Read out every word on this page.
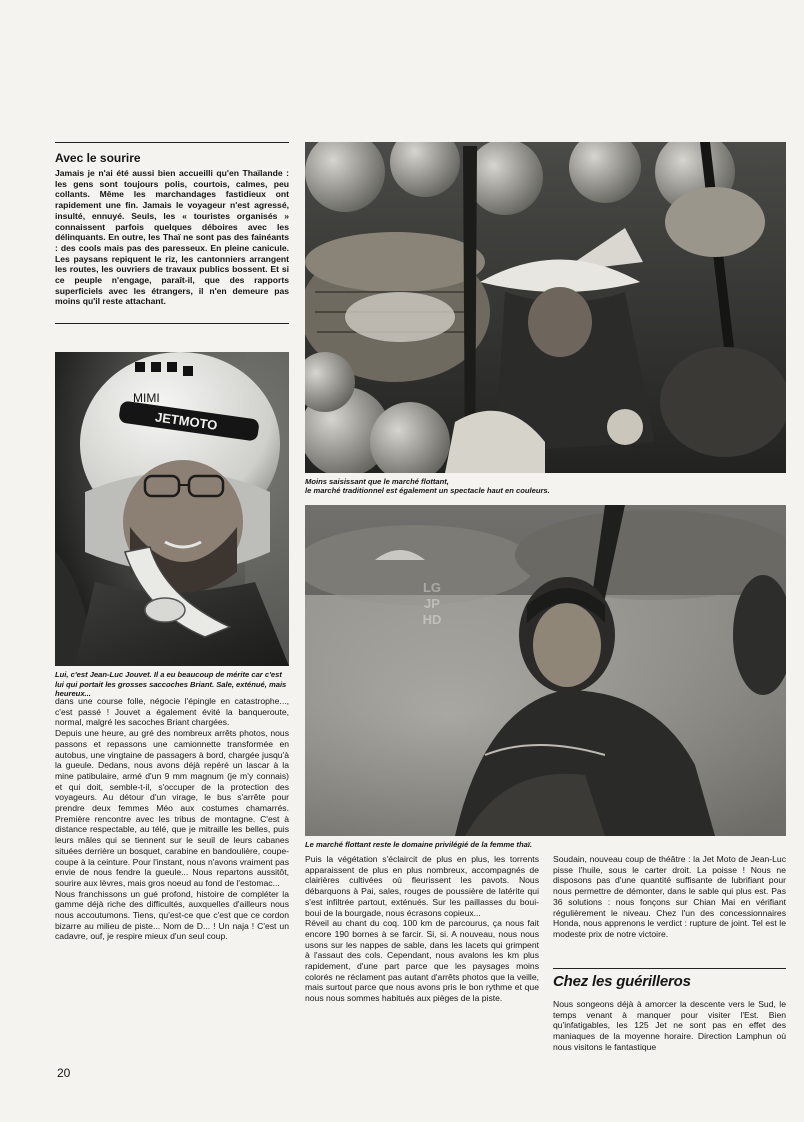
Avec le sourire

Jamais je n'ai été aussi bien accueilli qu'en Thaïlande : les gens sont toujours polis, courtois, calmes, peu collants. Même les marchandages fastidieux ont rapidement une fin. Jamais le voyageur n'est agressé, insulté, ennuyé. Seuls, les « touristes organisés » connaissent parfois quelques déboires avec les délinquants. En outre, les Thaï ne sont pas des fainéants : des cools mais pas des paresseux. En pleine canicule. Les paysans repiquent le riz, les cantonniers arrangent les routes, les ouvriers de travaux publics bossent. Et si ce peuple n'engage, paraît-il, que des rapports superficiels avec les étrangers, il n'en demeure pas moins qu'il reste attachant.

JETMOTO
MIMI

Lui, c'est Jean-Luc Jouvet. Il a eu beaucoup de mérite car c'est lui qui portait les grosses saccoches Briant. Sale, exténué, mais heureux...

Moins saisissant que le marché flottant,

le marché traditionnel est également un spectacle haut en couleurs.

Le marché flottant reste le domaine privilégié de la femme thaï.

LG
JP
HD

dans une course folle, négocie l'épingle en catastrophe..., c'est passé ! Jouvet a également évité la banqueroute, normal, malgré les sacoches Briant chargées.
Depuis une heure, au gré des nombreux arrêts photos, nous passons et repassons une camionnette transformée en autobus, une vingtaine de passagers à bord, chargée jusqu'à la gueule. Dedans, nous avons déjà repéré un lascar à la mine patibulaire, armé d'un 9 mm magnum (je m'y connais) et qui doit, semble-t-il, s'occuper de la protection des voyageurs. Au détour d'un virage, le bus s'arrête pour prendre deux femmes Méo aux costumes chamarrés. Première rencontre avec les tribus de montagne. C'est à distance respectable, au télé, que je mitraille les belles, puis leurs mâles qui se tiennent sur le seuil de leurs cabanes situées derrière un bosquet, carabine en bandoulière, coupe-coupe à la ceinture. Pour l'instant, nous n'avons vraiment pas envie de nous fendre la gueule... Nous repartons aussitôt, sourire aux lèvres, mais gros noeud au fond de l'estomac...
Nous franchissons un gué profond, histoire de compléter la gamme déjà riche des difficultés, auxquelles d'ailleurs nous nous accoutumons. Tiens, qu'est-ce que c'est que ce cordon bizarre au milieu de piste... Nom de D... ! Un naja ! C'est un cadavre, ouf, je respire mieux d'un seul coup.

Puis la végétation s'éclaircit de plus en plus, les torrents apparaissent de plus en plus nombreux, accompagnés de clairières cultivées où fleurissent les pavots. Nous débarquons à Pai, sales, rouges de poussière de latérite qui s'est infiltrée partout, exténués. Sur les paillasses du boui-boui de la bourgade, nous écrasons copieux...
Réveil au chant du coq. 100 km de parcourus, ça nous fait encore 190 bornes à se farcir. Si, si. A nouveau, nous nous usons sur les nappes de sable, dans les lacets qui grimpent à l'assaut des cols. Cependant, nous avalons les km plus rapidement, d'une part parce que les paysages moins colorés ne réclament pas autant d'arrêts photos que la veille, mais surtout parce que nous avons pris le bon rythme et que nous nous sommes habitués aux pièges de la piste.

Soudain, nouveau coup de théâtre : la Jet Moto de Jean-Luc pisse l'huile, sous le carter droit. La poisse ! Nous ne disposons pas d'une quantité suffisante de lubrifiant pour nous permettre de démonter, dans le sable qui plus est. Pas 36 solutions : nous fonçons sur Chian Mai en vérifiant régulièrement le niveau. Chez l'un des concessionnaires Honda, nous apprenons le verdict : rupture de joint. Tel est le modeste prix de notre victoire.

Chez les guérilleros

Nous songeons déjà à amorcer la descente vers le Sud, le temps venant à manquer pour visiter l'Est. Bien qu'infatigables, les 125 Jet ne sont pas en effet des maniaques de la moyenne horaire. Direction Lamphun où nous visitons le fantastique

20
